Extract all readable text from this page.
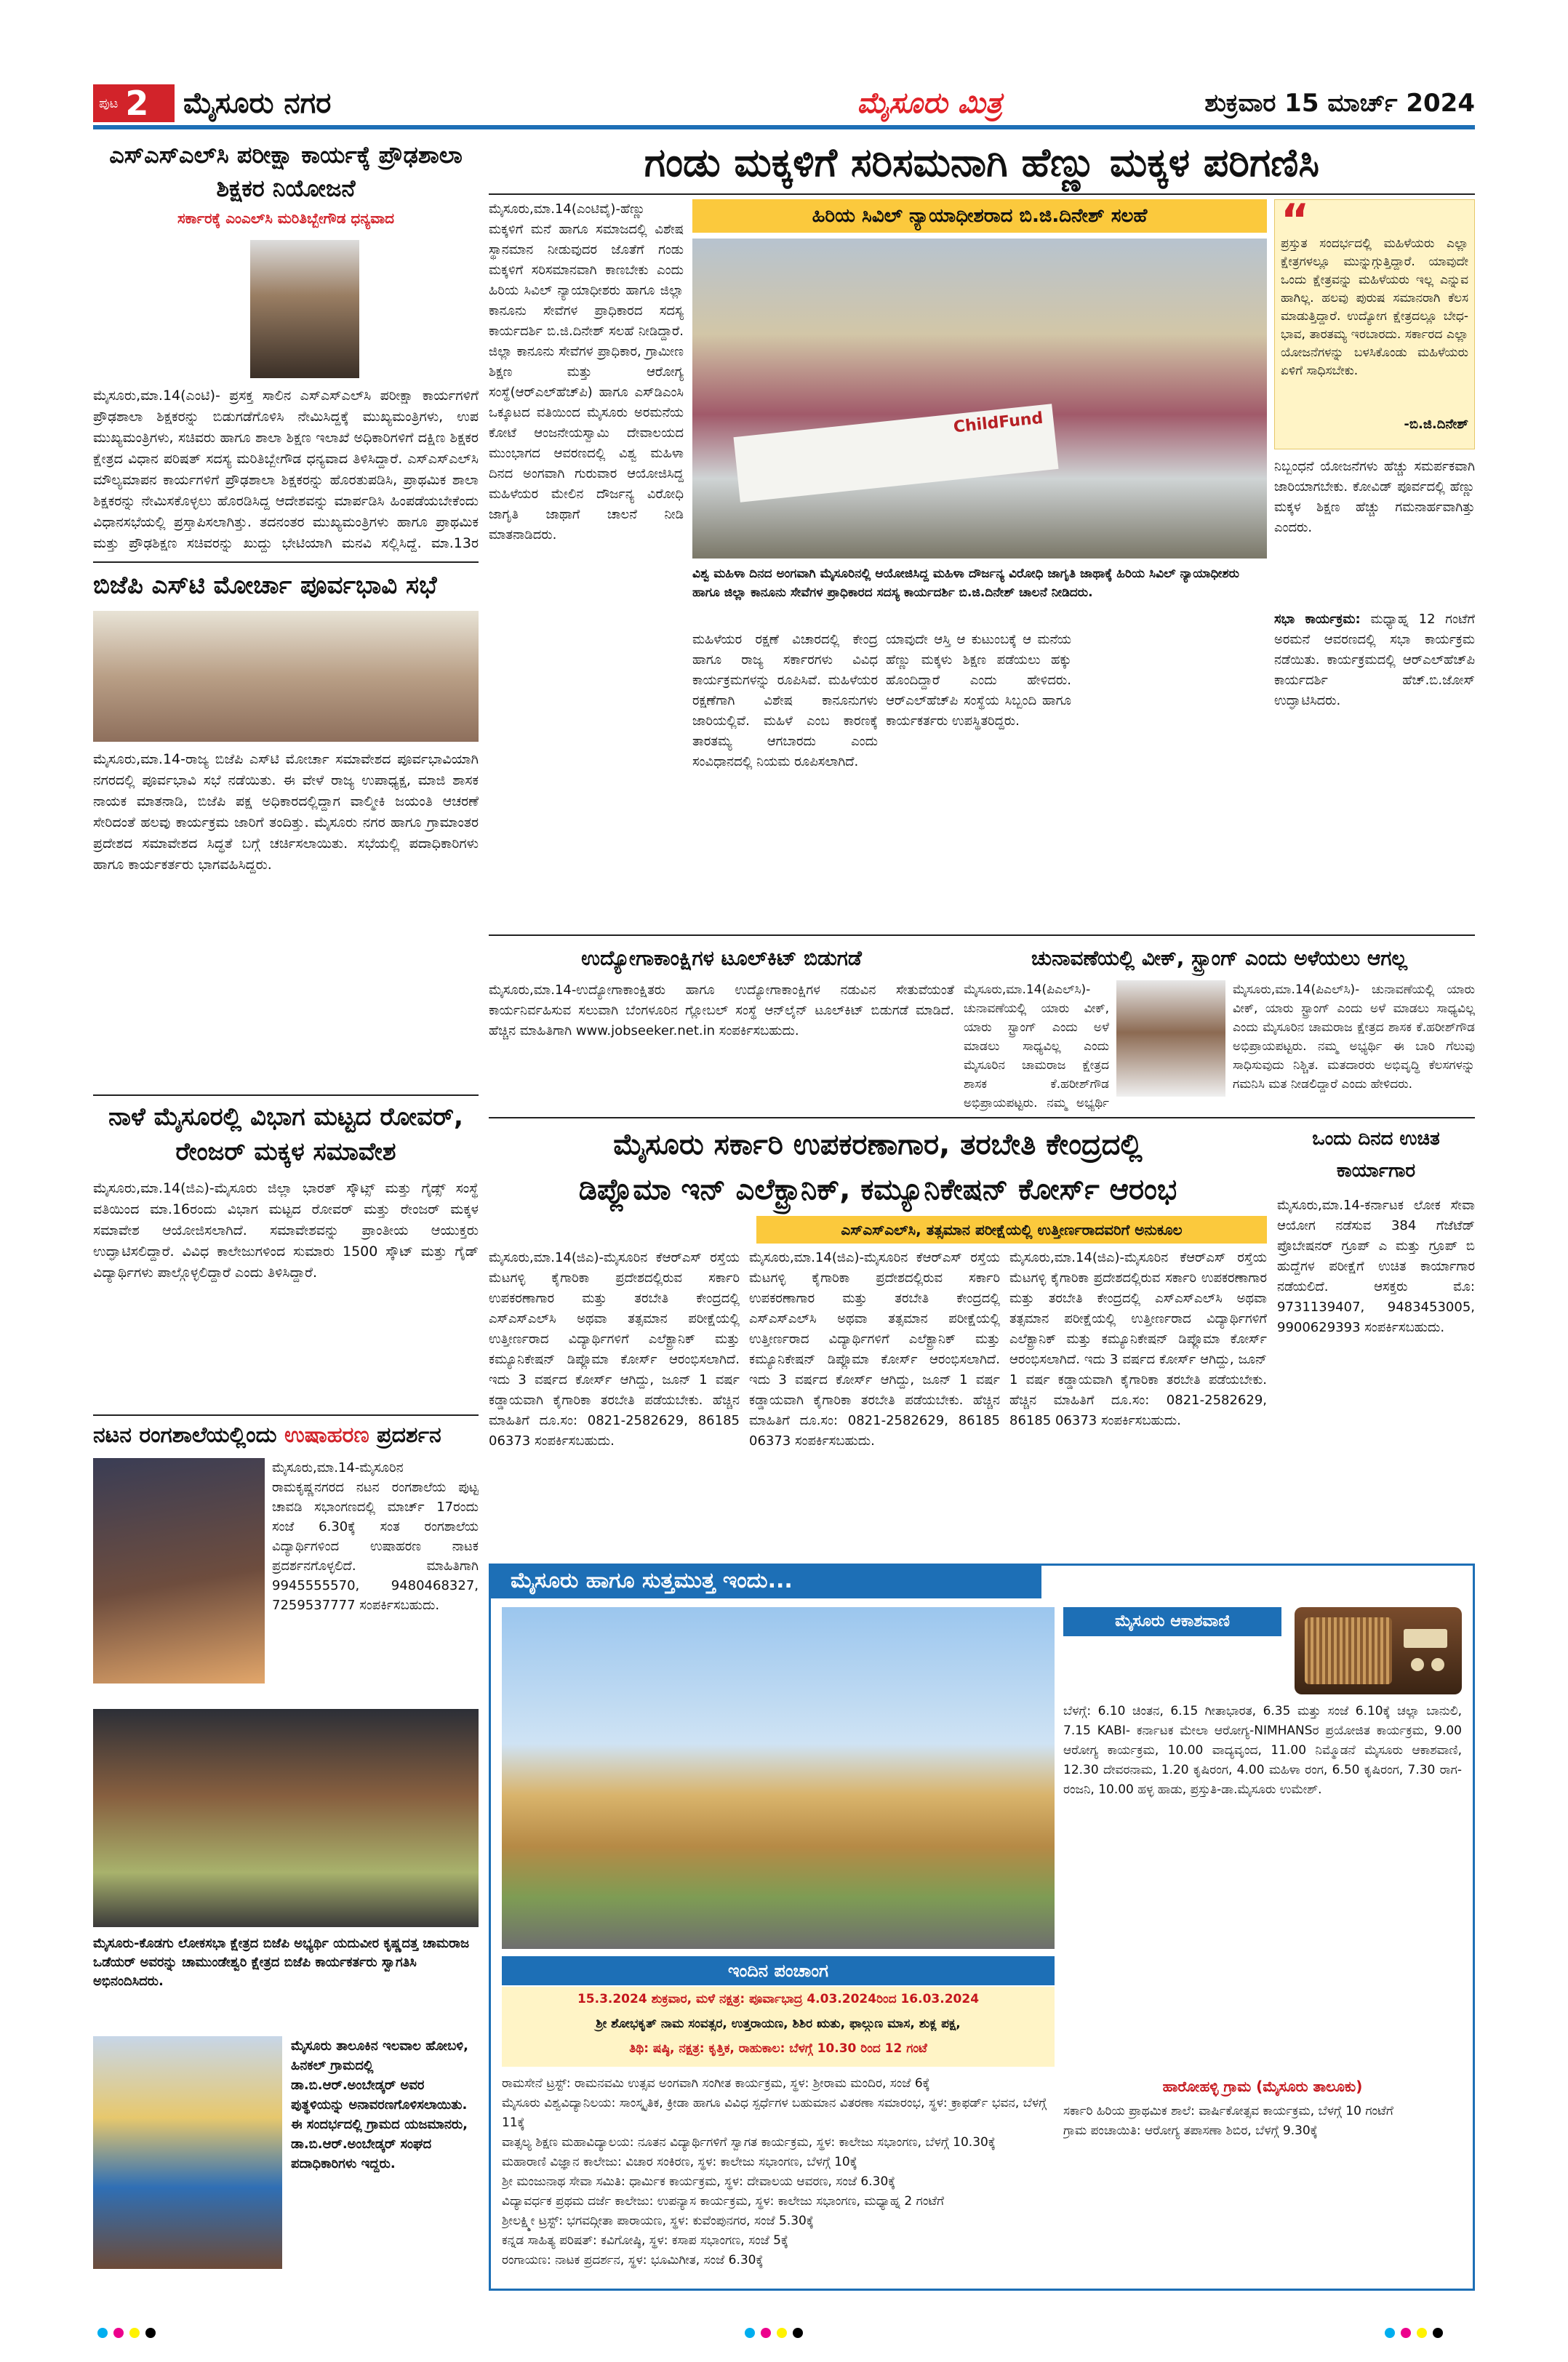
ಪುಟ 2 ಮೈಸೂರು ನಗರ	ಮೈಸೂರು ಮಿತ್ರ	ಶುಕ್ರವಾರ 15 ಮಾರ್ಚ್ 2024
ಎಸ್‌ಎಸ್‌ಎಲ್‌ಸಿ ಪರೀಕ್ಷಾ ಕಾರ್ಯಕ್ಕೆ ಪ್ರೌಢಶಾಲಾ ಶಿಕ್ಷಕರ ನಿಯೋಜನೆ
ಸರ್ಕಾರಕ್ಕೆ ಎಂಎಲ್‌ಸಿ ಮರಿತಿಬ್ಬೇಗೌಡ ಧನ್ಯವಾದ
ಮೈಸೂರು,ಮಾ.14(ಎಂಟಿ)- ಪ್ರಸಕ್ತ ಸಾಲಿನ ಎಸ್‌ಎಸ್‌ಎಲ್‌ಸಿ ಪರೀಕ್ಷಾ ಕಾರ್ಯಗಳಿಗೆ ಪ್ರೌಢಶಾಲಾ ಶಿಕ್ಷಕರನ್ನು ಬಿಡುಗಡೆಗೊಳಿಸಿ ನೇಮಿಸಿದ್ದಕ್ಕೆ ಮುಖ್ಯಮಂತ್ರಿಗಳು, ಉಪ ಮುಖ್ಯಮಂತ್ರಿಗಳು, ಸಚಿವರು ಹಾಗೂ ಶಾಲಾ ಶಿಕ್ಷಣ ಇಲಾಖೆ ಅಧಿಕಾರಿಗಳಿಗೆ ದಕ್ಷಿಣ ಶಿಕ್ಷಕರ ಕ್ಷೇತ್ರದ ವಿಧಾನ ಪರಿಷತ್ ಸದಸ್ಯ ಮರಿತಿಬ್ಬೇಗೌಡ ಧನ್ಯವಾದ ತಿಳಿಸಿದ್ದಾರೆ. ಎಸ್‌ಎಸ್‌ಎಲ್‌ಸಿ ಮೌಲ್ಯಮಾಪನ ಕಾರ್ಯಗಳಿಗೆ ಪ್ರೌಢಶಾಲಾ ಶಿಕ್ಷಕರನ್ನು ಹೊರತುಪಡಿಸಿ, ಪ್ರಾಥಮಿಕ ಶಾಲಾ ಶಿಕ್ಷಕರನ್ನು ನೇಮಿಸಕೊಳ್ಳಲು ಹೊರಡಿಸಿದ್ದ ಆದೇಶವನ್ನು ಮಾರ್ಪಡಿಸಿ ಹಿಂಪಡೆಯಬೇಕೆಂದು ವಿಧಾನಸಭೆಯಲ್ಲಿ ಪ್ರಸ್ತಾಪಿಸಲಾಗಿತ್ತು. ತದನಂತರ ಮುಖ್ಯಮಂತ್ರಿಗಳು ಹಾಗೂ ಪ್ರಾಥಮಿಕ ಮತ್ತು ಪ್ರೌಢಶಿಕ್ಷಣ ಸಚಿವರನ್ನು ಖುದ್ದು ಭೇಟಿಯಾಗಿ ಮನವಿ ಸಲ್ಲಿಸಿದ್ದೆ. ಮಾ.13ರ
ಬಿಜೆಪಿ ಎಸ್‌ಟಿ ಮೋರ್ಚಾ ಪೂರ್ವಭಾವಿ ಸಭೆ
ಮೈಸೂರು,ಮಾ.14-ರಾಜ್ಯ ಬಿಜೆಪಿ ಎಸ್‌ಟಿ ಮೋರ್ಚಾ ಸಮಾವೇಶದ ಪೂರ್ವಭಾವಿಯಾಗಿ ನಗರದಲ್ಲಿ ಪೂರ್ವಭಾವಿ ಸಭೆ ನಡೆಯಿತು. ಈ ವೇಳೆ ರಾಜ್ಯ ಉಪಾಧ್ಯಕ್ಷ, ಮಾಜಿ ಶಾಸಕ ನಾಯಕ ಮಾತನಾಡಿ, ಬಿಜೆಪಿ ಪಕ್ಷ ಅಧಿಕಾರದಲ್ಲಿದ್ದಾಗ ವಾಲ್ಮೀಕಿ ಜಯಂತಿ ಆಚರಣೆ ಸೇರಿದಂತೆ ಹಲವು ಕಾರ್ಯಕ್ರಮ ಜಾರಿಗೆ ತಂದಿತ್ತು. ಮೈಸೂರು ನಗರ ಹಾಗೂ ಗ್ರಾಮಾಂತರ ಪ್ರದೇಶದ ಸಮಾವೇಶದ ಸಿದ್ಧತೆ ಬಗ್ಗೆ ಚರ್ಚಿಸಲಾಯಿತು. ಸಭೆಯಲ್ಲಿ ಪದಾಧಿಕಾರಿಗಳು ಹಾಗೂ ಕಾರ್ಯಕರ್ತರು ಭಾಗವಹಿಸಿದ್ದರು.
ನಾಳೆ ಮೈಸೂರಲ್ಲಿ ವಿಭಾಗ ಮಟ್ಟದ ರೋವರ್, ರೇಂಜರ್ ಮಕ್ಕಳ ಸಮಾವೇಶ
ಮೈಸೂರು,ಮಾ.14(ಜಿಎ)-ಮೈಸೂರು ಜಿಲ್ಲಾ ಭಾರತ್ ಸ್ಕೌಟ್ಸ್ ಮತ್ತು ಗೈಡ್ಸ್ ಸಂಸ್ಥೆ ವತಿಯಿಂದ ಮಾ.16ರಂದು ವಿಭಾಗ ಮಟ್ಟದ ರೋವರ್ ಮತ್ತು ರೇಂಜರ್ ಮಕ್ಕಳ ಸಮಾವೇಶ ಆಯೋಜಿಸಲಾಗಿದೆ. ಸಮಾವೇಶವನ್ನು ಪ್ರಾಂತೀಯ ಆಯುಕ್ತರು ಉದ್ಘಾಟಿಸಲಿದ್ದಾರೆ. ವಿವಿಧ ಕಾಲೇಜುಗಳಿಂದ ಸುಮಾರು 1500 ಸ್ಕೌಟ್ ಮತ್ತು ಗೈಡ್ ವಿದ್ಯಾರ್ಥಿಗಳು ಪಾಲ್ಗೊಳ್ಳಲಿದ್ದಾರೆ ಎಂದು ತಿಳಿಸಿದ್ದಾರೆ.
ನಟನ ರಂಗಶಾಲೆಯಲ್ಲಿಂದು ಉಷಾಹರಣ ಪ್ರದರ್ಶನ
ಮೈಸೂರು,ಮಾ.14-ಮೈಸೂರಿನ ರಾಮಕೃಷ್ಣನಗರದ ನಟನ ರಂಗಶಾಲೆಯ ಪುಟ್ಟ ಚಾವಡಿ ಸಭಾಂಗಣದಲ್ಲಿ ಮಾರ್ಚ್ 17ರಂದು ಸಂಜೆ 6.30ಕ್ಕೆ ಸಂತ ರಂಗಶಾಲೆಯ ವಿದ್ಯಾರ್ಥಿಗಳಿಂದ ಉಷಾಹರಣ ನಾಟಕ ಪ್ರದರ್ಶನಗೊಳ್ಳಲಿದೆ. ಮಾಹಿತಿಗಾಗಿ 9945555570, 9480468327, 7259537777 ಸಂಪರ್ಕಿಸಬಹುದು.
ಮೈಸೂರು-ಕೊಡಗು ಲೋಕಸಭಾ ಕ್ಷೇತ್ರದ ಬಿಜೆಪಿ ಅಭ್ಯರ್ಥಿ ಯದುವೀರ ಕೃಷ್ಣದತ್ತ ಚಾಮರಾಜ ಒಡೆಯರ್ ಅವರನ್ನು ಚಾಮುಂಡೇಶ್ವರಿ ಕ್ಷೇತ್ರದ ಬಿಜೆಪಿ ಕಾರ್ಯಕರ್ತರು ಸ್ವಾಗತಿಸಿ ಅಭಿನಂದಿಸಿದರು.
ಮೈಸೂರು ತಾಲೂಕಿನ ಇಲವಾಲ ಹೋಬಳಿ, ಹಿನಕಲ್ ಗ್ರಾಮದಲ್ಲಿ ಡಾ.ಬಿ.ಆರ್.ಅಂಬೇಡ್ಕರ್ ಅವರ ಪುತ್ಥಳಿಯನ್ನು ಅನಾವರಣಗೊಳಿಸಲಾಯಿತು. ಈ ಸಂದರ್ಭದಲ್ಲಿ ಗ್ರಾಮದ ಯಜಮಾನರು, ಡಾ.ಬಿ.ಆರ್.ಅಂಬೇಡ್ಕರ್ ಸಂಘದ ಪದಾಧಿಕಾರಿಗಳು ಇದ್ದರು.
ಗಂಡು ಮಕ್ಕಳಿಗೆ ಸರಿಸಮನಾಗಿ ಹೆಣ್ಣು ಮಕ್ಕಳ ಪರಿಗಣಿಸಿ
ಮೈಸೂರು,ಮಾ.14(ಎಂಟಿವೈ)-ಹೆಣ್ಣು ಮಕ್ಕಳಿಗೆ ಮನೆ ಹಾಗೂ ಸಮಾಜದಲ್ಲಿ ವಿಶೇಷ ಸ್ಥಾನಮಾನ ನೀಡುವುದರ ಜೊತೆಗೆ ಗಂಡು ಮಕ್ಕಳಿಗೆ ಸರಿಸಮಾನವಾಗಿ ಕಾಣಬೇಕು ಎಂದು ಹಿರಿಯ ಸಿವಿಲ್ ನ್ಯಾಯಾಧೀಶರು ಹಾಗೂ ಜಿಲ್ಲಾ ಕಾನೂನು ಸೇವೆಗಳ ಪ್ರಾಧಿಕಾರದ ಸದಸ್ಯ ಕಾರ್ಯದರ್ಶಿ ಬಿ.ಜಿ.ದಿನೇಶ್ ಸಲಹೆ ನೀಡಿದ್ದಾರೆ. ಜಿಲ್ಲಾ ಕಾನೂನು ಸೇವೆಗಳ ಪ್ರಾಧಿಕಾರ, ಗ್ರಾಮೀಣ ಶಿಕ್ಷಣ ಮತ್ತು ಆರೋಗ್ಯ ಸಂಸ್ಥೆ(ಆರ್‌ಎಲ್‌ಹೆಚ್‌ಪಿ) ಹಾಗೂ ಎಸ್‌ಡಿಎಂಸಿ ಒಕ್ಕೂಟದ ವತಿಯಿಂದ ಮೈಸೂರು ಅರಮನೆಯ ಕೋಟೆ ಆಂಜನೇಯಸ್ವಾಮಿ ದೇವಾಲಯದ ಮುಂಭಾಗದ ಆವರಣದಲ್ಲಿ ವಿಶ್ವ ಮಹಿಳಾ ದಿನದ ಅಂಗವಾಗಿ ಗುರುವಾರ ಆಯೋಜಿಸಿದ್ದ ಮಹಿಳೆಯರ ಮೇಲಿನ ದೌರ್ಜನ್ಯ ವಿರೋಧಿ ಜಾಗೃತಿ ಜಾಥಾಗೆ ಚಾಲನೆ ನೀಡಿ ಮಾತನಾಡಿದರು.
ಹಿರಿಯ ಸಿವಿಲ್ ನ್ಯಾಯಾಧೀಶರಾದ ಬಿ.ಜಿ.ದಿನೇಶ್ ಸಲಹೆ
ChildFund
ವಿಶ್ವ ಮಹಿಳಾ ದಿನದ ಅಂಗವಾಗಿ ಮೈಸೂರಿನಲ್ಲಿ ಆಯೋಜಿಸಿದ್ದ ಮಹಿಳಾ ದೌರ್ಜನ್ಯ ವಿರೋಧಿ ಜಾಗೃತಿ ಜಾಥಾಕ್ಕೆ ಹಿರಿಯ ಸಿವಿಲ್ ನ್ಯಾಯಾಧೀಶರು ಹಾಗೂ ಜಿಲ್ಲಾ ಕಾನೂನು ಸೇವೆಗಳ ಪ್ರಾಧಿಕಾರದ ಸದಸ್ಯ ಕಾರ್ಯದರ್ಶಿ ಬಿ.ಜಿ.ದಿನೇಶ್ ಚಾಲನೆ ನೀಡಿದರು.
ಮಹಿಳೆಯರ ರಕ್ಷಣೆ ವಿಚಾರದಲ್ಲಿ ಕೇಂದ್ರ ಹಾಗೂ ರಾಜ್ಯ ಸರ್ಕಾರಗಳು ವಿವಿಧ ಕಾರ್ಯಕ್ರಮಗಳನ್ನು ರೂಪಿಸಿವೆ. ಮಹಿಳೆಯರ ರಕ್ಷಣೆಗಾಗಿ ವಿಶೇಷ ಕಾನೂನುಗಳು ಜಾರಿಯಲ್ಲಿವೆ. ಮಹಿಳೆ ಎಂಬ ಕಾರಣಕ್ಕೆ ತಾರತಮ್ಯ ಆಗಬಾರದು ಎಂದು ಸಂವಿಧಾನದಲ್ಲಿ ನಿಯಮ ರೂಪಿಸಲಾಗಿದೆ.
ಯಾವುದೇ ಆಸ್ತಿ ಆ ಕುಟುಂಬಕ್ಕೆ ಆ ಮನೆಯ ಹೆಣ್ಣು ಮಕ್ಕಳು ಶಿಕ್ಷಣ ಪಡೆಯಲು ಹಕ್ಕು ಹೊಂದಿದ್ದಾರೆ ಎಂದು ಹೇಳಿದರು. ಆರ್‌ಎಲ್‌ಹೆಚ್‌ಪಿ ಸಂಸ್ಥೆಯ ಸಿಬ್ಬಂದಿ ಹಾಗೂ ಕಾರ್ಯಕರ್ತರು ಉಪಸ್ಥಿತರಿದ್ದರು.
“
ಪ್ರಸ್ತುತ ಸಂದರ್ಭದಲ್ಲಿ ಮಹಿಳೆಯರು ಎಲ್ಲಾ ಕ್ಷೇತ್ರಗಳಲ್ಲೂ ಮುನ್ನುಗ್ಗುತ್ತಿದ್ದಾರೆ. ಯಾವುದೇ ಒಂದು ಕ್ಷೇತ್ರವನ್ನು ಮಹಿಳೆಯರು ಇಲ್ಲ ಎನ್ನುವ ಹಾಗಿಲ್ಲ. ಹಲವು ಪುರುಷ ಸಮಾನರಾಗಿ ಕೆಲಸ ಮಾಡುತ್ತಿದ್ದಾರೆ. ಉದ್ಯೋಗ ಕ್ಷೇತ್ರದಲ್ಲೂ ಬೇಧ-ಭಾವ, ತಾರತಮ್ಯ ಇರಬಾರದು. ಸರ್ಕಾರದ ಎಲ್ಲಾ ಯೋಜನೆಗಳನ್ನು ಬಳಸಿಕೊಂಡು ಮಹಿಳೆಯರು ಏಳಿಗೆ ಸಾಧಿಸಬೇಕು.
-ಬಿ.ಜಿ.ದಿನೇಶ್
ನಿಬ್ಬಂಧನೆ ಯೋಜನೆಗಳು ಹೆಚ್ಚು ಸಮರ್ಪಕವಾಗಿ ಜಾರಿಯಾಗಬೇಕು. ಕೋವಿಡ್ ಪೂರ್ವದಲ್ಲಿ ಹೆಣ್ಣು ಮಕ್ಕಳ ಶಿಕ್ಷಣ ಹೆಚ್ಚು ಗಮನಾರ್ಹವಾಗಿತ್ತು ಎಂದರು.
ಸಭಾ ಕಾರ್ಯಕ್ರಮ: ಮಧ್ಯಾಹ್ನ 12 ಗಂಟೆಗೆ ಅರಮನೆ ಆವರಣದಲ್ಲಿ ಸಭಾ ಕಾರ್ಯಕ್ರಮ ನಡೆಯಿತು. ಕಾರ್ಯಕ್ರಮದಲ್ಲಿ ಆರ್‌ಎಲ್‌ಹೆಚ್‌ಪಿ ಕಾರ್ಯದರ್ಶಿ ಹೆಚ್.ಬಿ.ಜೋಸ್ ಉದ್ಘಾಟಿಸಿದರು.
ಉದ್ಯೋಗಾಕಾಂಕ್ಷಿಗಳ ಟೂಲ್‌ಕಿಟ್ ಬಿಡುಗಡೆ
ಮೈಸೂರು,ಮಾ.14-ಉದ್ಯೋಗಾಕಾಂಕ್ಷಿತರು ಹಾಗೂ ಉದ್ಯೋಗಾಕಾಂಕ್ಷಿಗಳ ನಡುವಿನ ಸೇತುವೆಯಂತೆ ಕಾರ್ಯನಿರ್ವಹಿಸುವ ಸಲುವಾಗಿ ಬೆಂಗಳೂರಿನ ಗ್ಲೋಬಲ್ ಸಂಸ್ಥೆ ಆನ್‌ಲೈನ್ ಟೂಲ್‌ಕಿಟ್ ಬಿಡುಗಡೆ ಮಾಡಿದೆ. ಹೆಚ್ಚಿನ ಮಾಹಿತಿಗಾಗಿ www.jobseeker.net.in ಸಂಪರ್ಕಿಸಬಹುದು.
ಚುನಾವಣೆಯಲ್ಲಿ ವೀಕ್, ಸ್ಟ್ರಾಂಗ್ ಎಂದು ಅಳೆಯಲು ಆಗಲ್ಲ
ಮೈಸೂರು,ಮಾ.14(ಪಿಎಲ್‌ಸಿ)- ಚುನಾವಣೆಯಲ್ಲಿ ಯಾರು ವೀಕ್, ಯಾರು ಸ್ಟ್ರಾಂಗ್ ಎಂದು ಅಳೆ ಮಾಡಲು ಸಾಧ್ಯವಿಲ್ಲ ಎಂದು ಮೈಸೂರಿನ ಚಾಮರಾಜ ಕ್ಷೇತ್ರದ ಶಾಸಕ ಕೆ.ಹರೀಶ್‌ಗೌಡ ಅಭಿಪ್ರಾಯಪಟ್ಟರು. ನಮ್ಮ ಅಭ್ಯರ್ಥಿ
ಮೈಸೂರು,ಮಾ.14(ಪಿಎಲ್‌ಸಿ)- ಚುನಾವಣೆಯಲ್ಲಿ ಯಾರು ವೀಕ್, ಯಾರು ಸ್ಟ್ರಾಂಗ್ ಎಂದು ಅಳೆ ಮಾಡಲು ಸಾಧ್ಯವಿಲ್ಲ ಎಂದು ಮೈಸೂರಿನ ಚಾಮರಾಜ ಕ್ಷೇತ್ರದ ಶಾಸಕ ಕೆ.ಹರೀಶ್‌ಗೌಡ ಅಭಿಪ್ರಾಯಪಟ್ಟರು. ನಮ್ಮ ಅಭ್ಯರ್ಥಿ ಈ ಬಾರಿ ಗೆಲುವು ಸಾಧಿಸುವುದು ನಿಶ್ಚಿತ. ಮತದಾರರು ಅಭಿವೃದ್ಧಿ ಕೆಲಸಗಳನ್ನು ಗಮನಿಸಿ ಮತ ನೀಡಲಿದ್ದಾರೆ ಎಂದು ಹೇಳಿದರು.
ಮೈಸೂರು ಸರ್ಕಾರಿ ಉಪಕರಣಾಗಾರ, ತರಬೇತಿ ಕೇಂದ್ರದಲ್ಲಿ
ಡಿಪ್ಲೊಮಾ ಇನ್ ಎಲೆಕ್ಟ್ರಾನಿಕ್, ಕಮ್ಯೂನಿಕೇಷನ್ ಕೋರ್ಸ್ ಆರಂಭ
ಎಸ್‌ಎಸ್‌ಎಲ್‌ಸಿ, ತತ್ಸಮಾನ ಪರೀಕ್ಷೆಯಲ್ಲಿ ಉತ್ತೀರ್ಣರಾದವರಿಗೆ ಅನುಕೂಲ
ಮೈಸೂರು,ಮಾ.14(ಜಿಎ)-ಮೈಸೂರಿನ ಕೆಆರ್‌ಎಸ್ ರಸ್ತೆಯ ಮೆಟಗಳ್ಳಿ ಕೈಗಾರಿಕಾ ಪ್ರದೇಶದಲ್ಲಿರುವ ಸರ್ಕಾರಿ ಉಪಕರಣಾಗಾರ ಮತ್ತು ತರಬೇತಿ ಕೇಂದ್ರದಲ್ಲಿ ಎಸ್‌ಎಸ್‌ಎಲ್‌ಸಿ ಅಥವಾ ತತ್ಸಮಾನ ಪರೀಕ್ಷೆಯಲ್ಲಿ ಉತ್ತೀರ್ಣರಾದ ವಿದ್ಯಾರ್ಥಿಗಳಿಗೆ ಎಲೆಕ್ಟ್ರಾನಿಕ್ ಮತ್ತು ಕಮ್ಯೂನಿಕೇಷನ್ ಡಿಪ್ಲೊಮಾ ಕೋರ್ಸ್ ಆರಂಭಿಸಲಾಗಿದೆ. ಇದು 3 ವರ್ಷದ ಕೋರ್ಸ್ ಆಗಿದ್ದು, ಜೂನ್ 1 ವರ್ಷ ಕಡ್ಡಾಯವಾಗಿ ಕೈಗಾರಿಕಾ ತರಬೇತಿ ಪಡೆಯಬೇಕು. ಹೆಚ್ಚಿನ ಮಾಹಿತಿಗೆ ದೂ.ಸಂ: 0821-2582629, 86185 06373 ಸಂಪರ್ಕಿಸಬಹುದು.
ಮೈಸೂರು,ಮಾ.14(ಜಿಎ)-ಮೈಸೂರಿನ ಕೆಆರ್‌ಎಸ್ ರಸ್ತೆಯ ಮೆಟಗಳ್ಳಿ ಕೈಗಾರಿಕಾ ಪ್ರದೇಶದಲ್ಲಿರುವ ಸರ್ಕಾರಿ ಉಪಕರಣಾಗಾರ ಮತ್ತು ತರಬೇತಿ ಕೇಂದ್ರದಲ್ಲಿ ಎಸ್‌ಎಸ್‌ಎಲ್‌ಸಿ ಅಥವಾ ತತ್ಸಮಾನ ಪರೀಕ್ಷೆಯಲ್ಲಿ ಉತ್ತೀರ್ಣರಾದ ವಿದ್ಯಾರ್ಥಿಗಳಿಗೆ ಎಲೆಕ್ಟ್ರಾನಿಕ್ ಮತ್ತು ಕಮ್ಯೂನಿಕೇಷನ್ ಡಿಪ್ಲೊಮಾ ಕೋರ್ಸ್ ಆರಂಭಿಸಲಾಗಿದೆ. ಇದು 3 ವರ್ಷದ ಕೋರ್ಸ್ ಆಗಿದ್ದು, ಜೂನ್ 1 ವರ್ಷ ಕಡ್ಡಾಯವಾಗಿ ಕೈಗಾರಿಕಾ ತರಬೇತಿ ಪಡೆಯಬೇಕು. ಹೆಚ್ಚಿನ ಮಾಹಿತಿಗೆ ದೂ.ಸಂ: 0821-2582629, 86185 06373 ಸಂಪರ್ಕಿಸಬಹುದು.
ಮೈಸೂರು,ಮಾ.14(ಜಿಎ)-ಮೈಸೂರಿನ ಕೆಆರ್‌ಎಸ್ ರಸ್ತೆಯ ಮೆಟಗಳ್ಳಿ ಕೈಗಾರಿಕಾ ಪ್ರದೇಶದಲ್ಲಿರುವ ಸರ್ಕಾರಿ ಉಪಕರಣಾಗಾರ ಮತ್ತು ತರಬೇತಿ ಕೇಂದ್ರದಲ್ಲಿ ಎಸ್‌ಎಸ್‌ಎಲ್‌ಸಿ ಅಥವಾ ತತ್ಸಮಾನ ಪರೀಕ್ಷೆಯಲ್ಲಿ ಉತ್ತೀರ್ಣರಾದ ವಿದ್ಯಾರ್ಥಿಗಳಿಗೆ ಎಲೆಕ್ಟ್ರಾನಿಕ್ ಮತ್ತು ಕಮ್ಯೂನಿಕೇಷನ್ ಡಿಪ್ಲೊಮಾ ಕೋರ್ಸ್ ಆರಂಭಿಸಲಾಗಿದೆ. ಇದು 3 ವರ್ಷದ ಕೋರ್ಸ್ ಆಗಿದ್ದು, ಜೂನ್ 1 ವರ್ಷ ಕಡ್ಡಾಯವಾಗಿ ಕೈಗಾರಿಕಾ ತರಬೇತಿ ಪಡೆಯಬೇಕು. ಹೆಚ್ಚಿನ ಮಾಹಿತಿಗೆ ದೂ.ಸಂ: 0821-2582629, 86185 06373 ಸಂಪರ್ಕಿಸಬಹುದು.
ಒಂದು ದಿನದ ಉಚಿತ ಕಾರ್ಯಾಗಾರ
ಮೈಸೂರು,ಮಾ.14-ಕರ್ನಾಟಕ ಲೋಕ ಸೇವಾ ಆಯೋಗ ನಡೆಸುವ 384 ಗೆಜೆಟೆಡ್ ಪ್ರೊಬೇಷನರ್ ಗ್ರೂಪ್ ಎ ಮತ್ತು ಗ್ರೂಪ್ ಬಿ ಹುದ್ದೆಗಳ ಪರೀಕ್ಷೆಗೆ ಉಚಿತ ಕಾರ್ಯಾಗಾರ ನಡೆಯಲಿದೆ. ಆಸಕ್ತರು ಮೊ: 9731139407, 9483453005, 9900629393 ಸಂಪರ್ಕಿಸಬಹುದು.
ಮೈಸೂರು ಹಾಗೂ ಸುತ್ತಮುತ್ತ ಇಂದು...
ಇಂದಿನ ಪಂಚಾಂಗ
15.3.2024 ಶುಕ್ರವಾರ, ಮಳೆ ನಕ್ಷತ್ರ: ಪೂರ್ವಾಭಾದ್ರ 4.03.2024ರಿಂದ 16.03.2024
ಶ್ರೀ ಶೋಭಕೃತ್ ನಾಮ ಸಂವತ್ಸರ, ಉತ್ತರಾಯಣ, ಶಿಶಿರ ಋತು, ಫಾಲ್ಗುಣ ಮಾಸ, ಶುಕ್ಲ ಪಕ್ಷ,
ತಿಥಿ: ಷಷ್ಠಿ, ನಕ್ಷತ್ರ: ಕೃತ್ತಿಕ, ರಾಹುಕಾಲ: ಬೆಳಗ್ಗೆ 10.30 ರಿಂದ 12 ಗಂಟೆ
ಮೈಸೂರು ಆಕಾಶವಾಣಿ
ಬೆಳಗ್ಗೆ: 6.10 ಚಿಂತನ, 6.15 ಗೀತಾಭಾರತ, 6.35 ಮತ್ತು ಸಂಜೆ 6.10ಕ್ಕೆ ಚಲ್ಲಾ ಬಾನುಲಿ, 7.15 KABI- ಕರ್ನಾಟಕ ಮೇಲಾ ಆರೋಗ್ಯ-NIMHANSರ ಪ್ರಯೋಜಿತ ಕಾರ್ಯಕ್ರಮ, 9.00 ಆರೋಗ್ಯ ಕಾರ್ಯಕ್ರಮ, 10.00 ವಾದ್ಯವೃಂದ, 11.00 ನಿಮ್ಮೊಡನೆ ಮೈಸೂರು ಆಕಾಶವಾಣಿ, 12.30 ದೇವರನಾಮ, 1.20 ಕೃಷಿರಂಗ, 4.00 ಮಹಿಳಾ ರಂಗ, 6.50 ಕೃಷಿರಂಗ, 7.30 ರಾಗ-ರಂಜನಿ, 10.00 ಹಳ್ಳ ಹಾಡು, ಪ್ರಸ್ತುತಿ-ಡಾ.ಮೈಸೂರು ಉಮೇಶ್.
ರಾಮಸೇನೆ ಟ್ರಸ್ಟ್: ರಾಮನವಮಿ ಉತ್ಸವ ಅಂಗವಾಗಿ ಸಂಗೀತ ಕಾರ್ಯಕ್ರಮ, ಸ್ಥಳ: ಶ್ರೀರಾಮ ಮಂದಿರ, ಸಂಜೆ 6ಕ್ಕೆ
ಮೈಸೂರು ವಿಶ್ವವಿದ್ಯಾನಿಲಯ: ಸಾಂಸ್ಕೃತಿಕ, ಕ್ರೀಡಾ ಹಾಗೂ ವಿವಿಧ ಸ್ಪರ್ಧೆಗಳ ಬಹುಮಾನ ವಿತರಣಾ ಸಮಾರಂಭ, ಸ್ಥಳ: ಕ್ರಾಫರ್ಡ್ ಭವನ, ಬೆಳಗ್ಗೆ 11ಕ್ಕೆ
ವಾತ್ಸಲ್ಯ ಶಿಕ್ಷಣ ಮಹಾವಿದ್ಯಾಲಯ: ನೂತನ ವಿದ್ಯಾರ್ಥಿಗಳಿಗೆ ಸ್ವಾಗತ ಕಾರ್ಯಕ್ರಮ, ಸ್ಥಳ: ಕಾಲೇಜು ಸಭಾಂಗಣ, ಬೆಳಗ್ಗೆ 10.30ಕ್ಕೆ
ಮಹಾರಾಣಿ ವಿಜ್ಞಾನ ಕಾಲೇಜು: ವಿಚಾರ ಸಂಕಿರಣ, ಸ್ಥಳ: ಕಾಲೇಜು ಸಭಾಂಗಣ, ಬೆಳಗ್ಗೆ 10ಕ್ಕೆ
ಶ್ರೀ ಮಂಜುನಾಥ ಸೇವಾ ಸಮಿತಿ: ಧಾರ್ಮಿಕ ಕಾರ್ಯಕ್ರಮ, ಸ್ಥಳ: ದೇವಾಲಯ ಆವರಣ, ಸಂಜೆ 6.30ಕ್ಕೆ
ವಿದ್ಯಾವರ್ಧಕ ಪ್ರಥಮ ದರ್ಜೆ ಕಾಲೇಜು: ಉಪನ್ಯಾಸ ಕಾರ್ಯಕ್ರಮ, ಸ್ಥಳ: ಕಾಲೇಜು ಸಭಾಂಗಣ, ಮಧ್ಯಾಹ್ನ 2 ಗಂಟೆಗೆ
ಶ್ರೀಲಕ್ಷ್ಮೀ ಟ್ರಸ್ಟ್: ಭಗವದ್ಗೀತಾ ಪಾರಾಯಣ, ಸ್ಥಳ: ಕುವೆಂಪುನಗರ, ಸಂಜೆ 5.30ಕ್ಕೆ
ಕನ್ನಡ ಸಾಹಿತ್ಯ ಪರಿಷತ್: ಕವಿಗೋಷ್ಠಿ, ಸ್ಥಳ: ಕಸಾಪ ಸಭಾಂಗಣ, ಸಂಜೆ 5ಕ್ಕೆ
ರಂಗಾಯಣ: ನಾಟಕ ಪ್ರದರ್ಶನ, ಸ್ಥಳ: ಭೂಮಿಗೀತ, ಸಂಜೆ 6.30ಕ್ಕೆ
ಹಾರೋಹಳ್ಳಿ ಗ್ರಾಮ (ಮೈಸೂರು ತಾಲೂಕು)
ಸರ್ಕಾರಿ ಹಿರಿಯ ಪ್ರಾಥಮಿಕ ಶಾಲೆ: ವಾರ್ಷಿಕೋತ್ಸವ ಕಾರ್ಯಕ್ರಮ, ಬೆಳಗ್ಗೆ 10 ಗಂಟೆಗೆ
ಗ್ರಾಮ ಪಂಚಾಯಿತಿ: ಆರೋಗ್ಯ ತಪಾಸಣಾ ಶಿಬಿರ, ಬೆಳಗ್ಗೆ 9.30ಕ್ಕೆ
